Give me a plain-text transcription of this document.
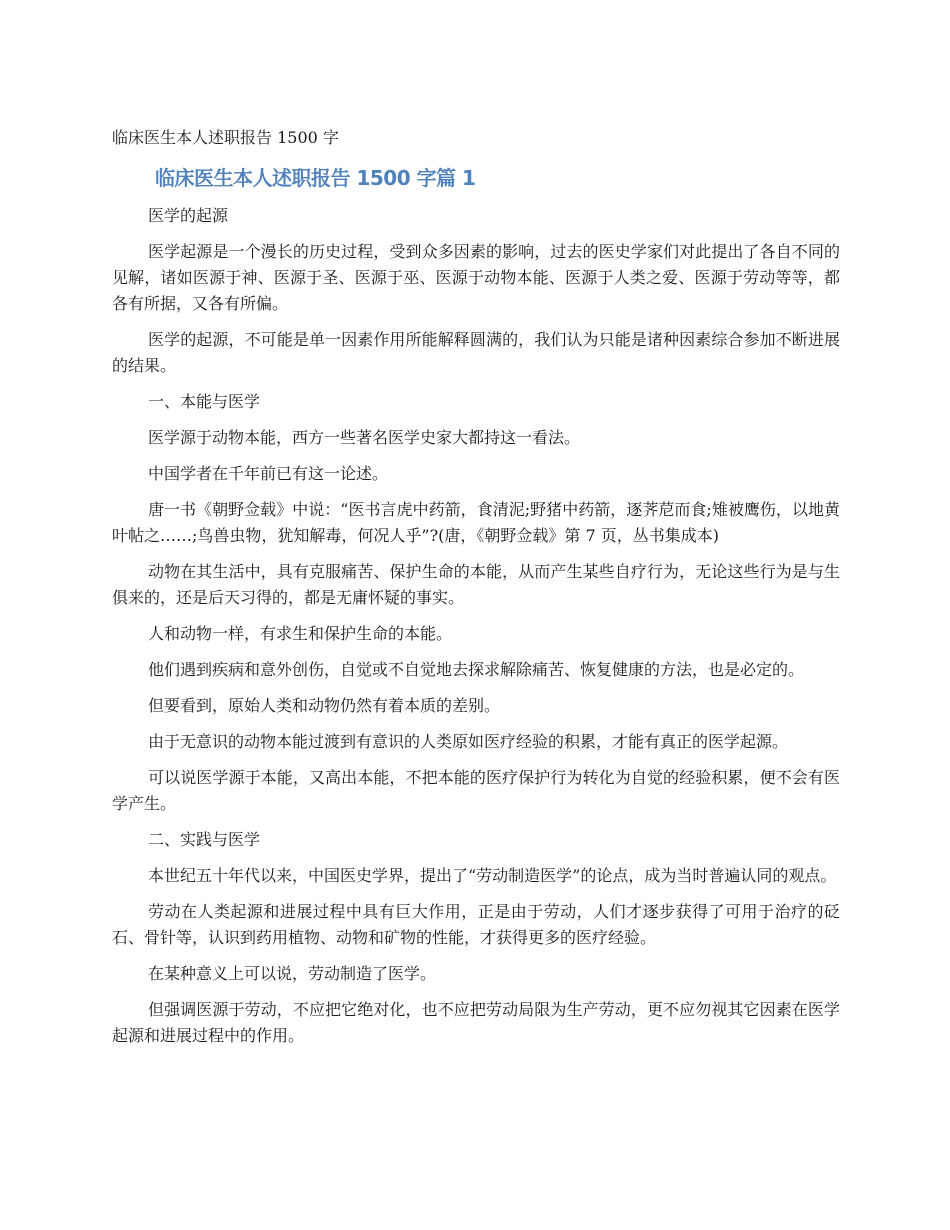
临床医生本人述职报告 1500 字
临床医生本人述职报告 1500 字篇 1

医学的起源

医学起源是一个漫长的历史过程，受到众多因素的影响，过去的医史学家们对此提出了各自不同的见解，诸如医源于神、医源于圣、医源于巫、医源于动物本能、医源于人类之爱、医源于劳动等等，都各有所据，又各有所偏。

医学的起源，不可能是单一因素作用所能解释圆满的，我们认为只能是诸种因素综合参加不断进展的结果。

一、本能与医学

医学源于动物本能，西方一些著名医学史家大都持这一看法。

中国学者在千年前已有这一论述。

唐一书《朝野佥载》中说：“医书言虎中药箭，食清泥;野猪中药箭，逐荠苨而食;雉被鹰伤，以地黄叶帖之……;鸟兽虫物，犹知解毒，何况人乎”?(唐，《朝野佥载》第 7 页，丛书集成本)

动物在其生活中，具有克服痛苦、保护生命的本能，从而产生某些自疗行为，无论这些行为是与生俱来的，还是后天习得的，都是无庸怀疑的事实。

人和动物一样，有求生和保护生命的本能。

他们遇到疾病和意外创伤，自觉或不自觉地去探求解除痛苦、恢复健康的方法，也是必定的。

但要看到，原始人类和动物仍然有着本质的差别。

由于无意识的动物本能过渡到有意识的人类原如医疗经验的积累，才能有真正的医学起源。

可以说医学源于本能，又高出本能，不把本能的医疗保护行为转化为自觉的经验积累，便不会有医学产生。

二、实践与医学

本世纪五十年代以来，中国医史学界，提出了“劳动制造医学”的论点，成为当时普遍认同的观点。

劳动在人类起源和进展过程中具有巨大作用，正是由于劳动，人们才逐步获得了可用于治疗的砭石、骨针等，认识到药用植物、动物和矿物的性能，才获得更多的医疗经验。

在某种意义上可以说，劳动制造了医学。

但强调医源于劳动，不应把它绝对化，也不应把劳动局限为生产劳动，更不应勿视其它因素在医学起源和进展过程中的作用。
